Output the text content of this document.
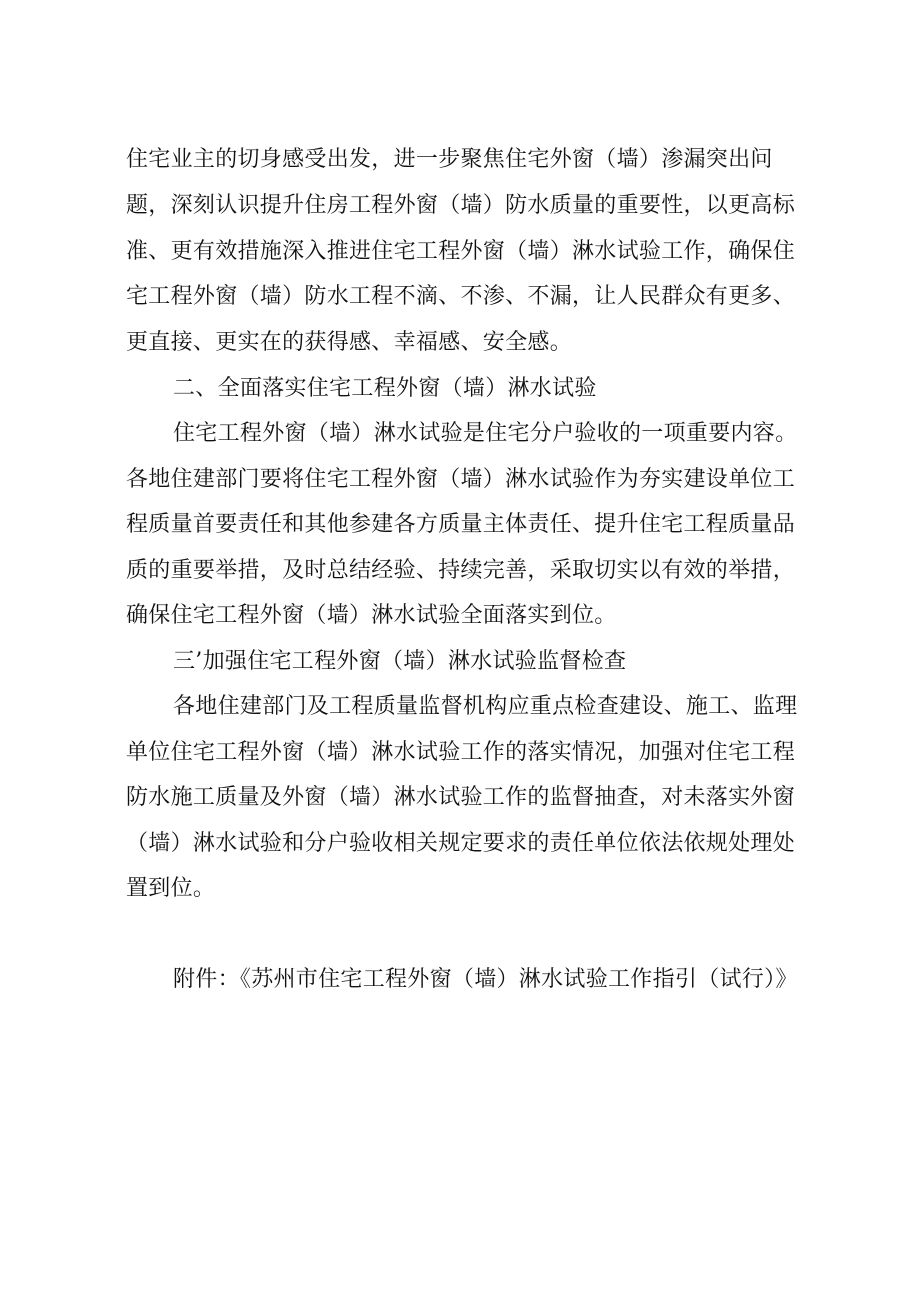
住宅业主的切身感受出发，进一步聚焦住宅外窗（墙）渗漏突出问
题，深刻认识提升住房工程外窗（墙）防水质量的重要性，以更高标
准、更有效措施深入推进住宅工程外窗（墙）淋水试验工作，确保住
宅工程外窗（墙）防水工程不滴、不渗、不漏，让人民群众有更多、
更直接、更实在的获得感、幸福感、安全感。
二、全面落实住宅工程外窗（墙）淋水试验
住宅工程外窗（墙）淋水试验是住宅分户验收的一项重要内容。
各地住建部门要将住宅工程外窗（墙）淋水试验作为夯实建设单位工
程质量首要责任和其他参建各方质量主体责任、提升住宅工程质量品
质的重要举措，及时总结经验、持续完善，采取切实以有效的举措，
确保住宅工程外窗（墙）淋水试验全面落实到位。
三’加强住宅工程外窗（墙）淋水试验监督检查
各地住建部门及工程质量监督机构应重点检查建设、施工、监理
单位住宅工程外窗（墙）淋水试验工作的落实情况，加强对住宅工程
防水施工质量及外窗（墙）淋水试验工作的监督抽查，对未落实外窗
（墙）淋水试验和分户验收相关规定要求的责任单位依法依规处理处
置到位。
附件：《苏州市住宅工程外窗（墙）淋水试验工作指引（试行）》
